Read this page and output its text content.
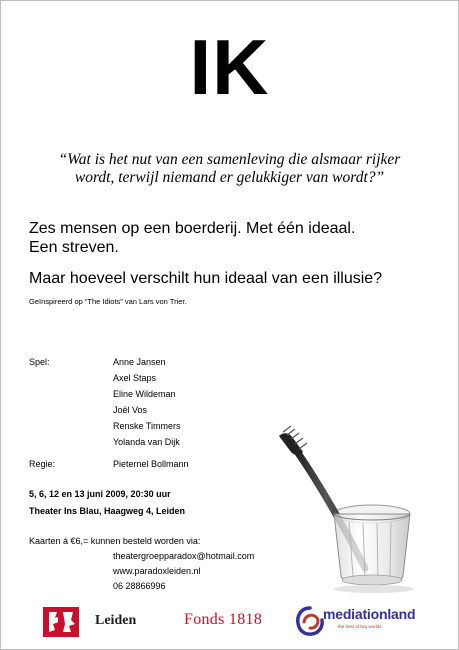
IK
“Wat is het nut van een samenleving die alsmaar rijker
wordt, terwijl niemand er gelukkiger van wordt?”
Zes mensen op een boerderij. Met één ideaal.
Een streven.
Maar hoeveel verschilt hun ideaal van een illusie?
Geïnspireerd op “The Idiots” van Lars von Trier.
Spel:	Anne Jansen
Axel Staps
Eline Wildeman
Joël Vos
Renske Timmers
Yolanda van Dijk
Regie:	Pieternel Bollmann
5, 6, 12 en 13 juni 2009, 20:30 uur
Theater Ins Blau, Haagweg 4, Leiden
Kaarten á €6,= kunnen besteld worden via:
theatergroepparadox@hotmail.com
www.paradoxleiden.nl
06 28866996
Leiden	Fonds 1818	mediationland
the best of two worlds
